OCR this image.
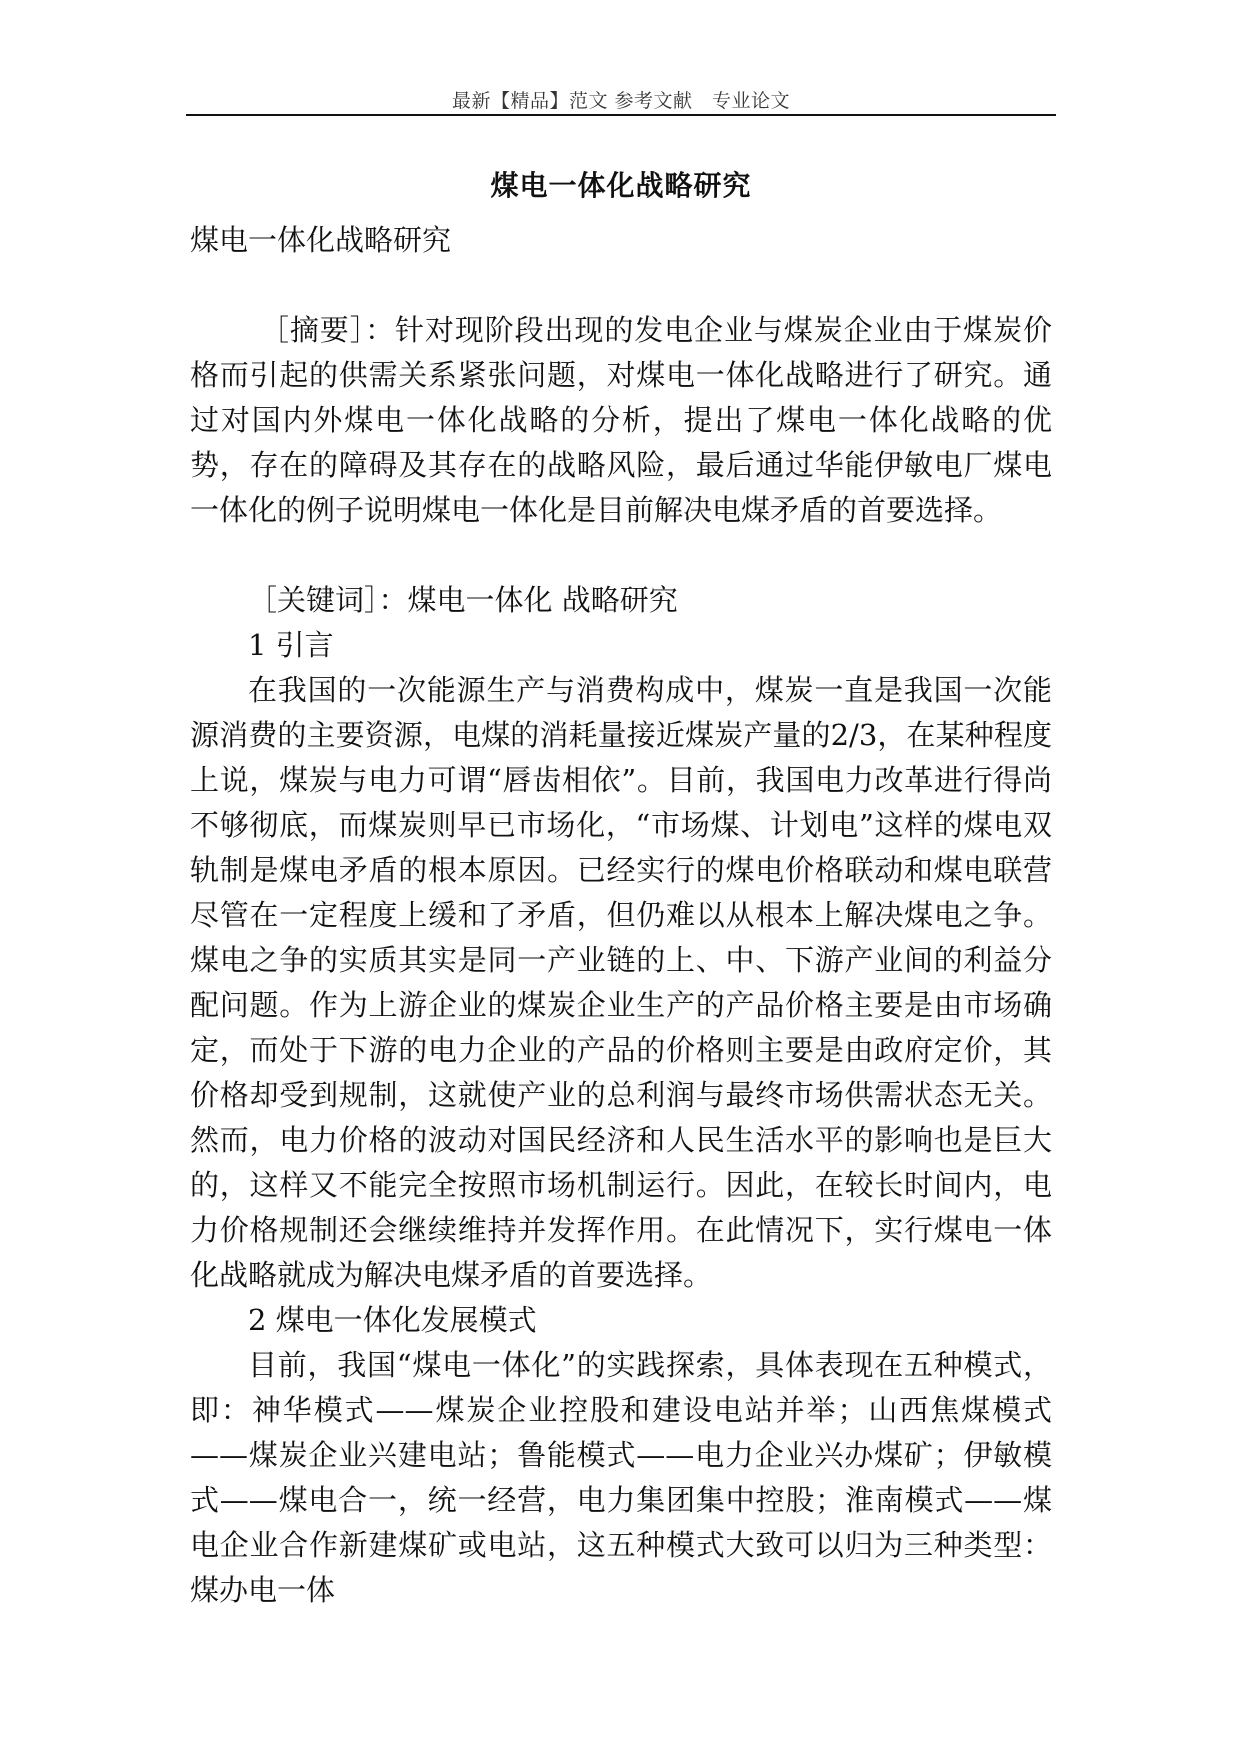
最新【精品】范文 参考文献　专业论文
煤电一体化战略研究

煤电一体化战略研究

［摘要］：针对现阶段出现的发电企业与煤炭企业由于煤炭价格而引起的供需关系紧张问题，对煤电一体化战略进行了研究。通过对国内外煤电一体化战略的分析，提出了煤电一体化战略的优势，存在的障碍及其存在的战略风险，最后通过华能伊敏电厂煤电一体化的例子说明煤电一体化是目前解决电煤矛盾的首要选择。

［关键词］：煤电一体化 战略研究

1 引言

在我国的一次能源生产与消费构成中，煤炭一直是我国一次能源消费的主要资源，电煤的消耗量接近煤炭产量的2/3，在某种程度上说，煤炭与电力可谓“唇齿相依”。目前，我国电力改革进行得尚不够彻底，而煤炭则早已市场化，“市场煤、计划电”这样的煤电双轨制是煤电矛盾的根本原因。已经实行的煤电价格联动和煤电联营尽管在一定程度上缓和了矛盾，但仍难以从根本上解决煤电之争。煤电之争的实质其实是同一产业链的上、中、下游产业间的利益分配问题。作为上游企业的煤炭企业生产的产品价格主要是由市场确定，而处于下游的电力企业的产品的价格则主要是由政府定价，其价格却受到规制，这就使产业的总利润与最终市场供需状态无关。然而，电力价格的波动对国民经济和人民生活水平的影响也是巨大的，这样又不能完全按照市场机制运行。因此，在较长时间内，电力价格规制还会继续维持并发挥作用。在此情况下，实行煤电一体化战略就成为解决电煤矛盾的首要选择。

2 煤电一体化发展模式

目前，我国“煤电一体化”的实践探索，具体表现在五种模式，即：神华模式——煤炭企业控股和建设电站并举；山西焦煤模式——煤炭企业兴建电站；鲁能模式——电力企业兴办煤矿；伊敏模式——煤电合一，统一经营，电力集团集中控股；淮南模式——煤电企业合作新建煤矿或电站，这五种模式大致可以归为三种类型：煤办电一体
